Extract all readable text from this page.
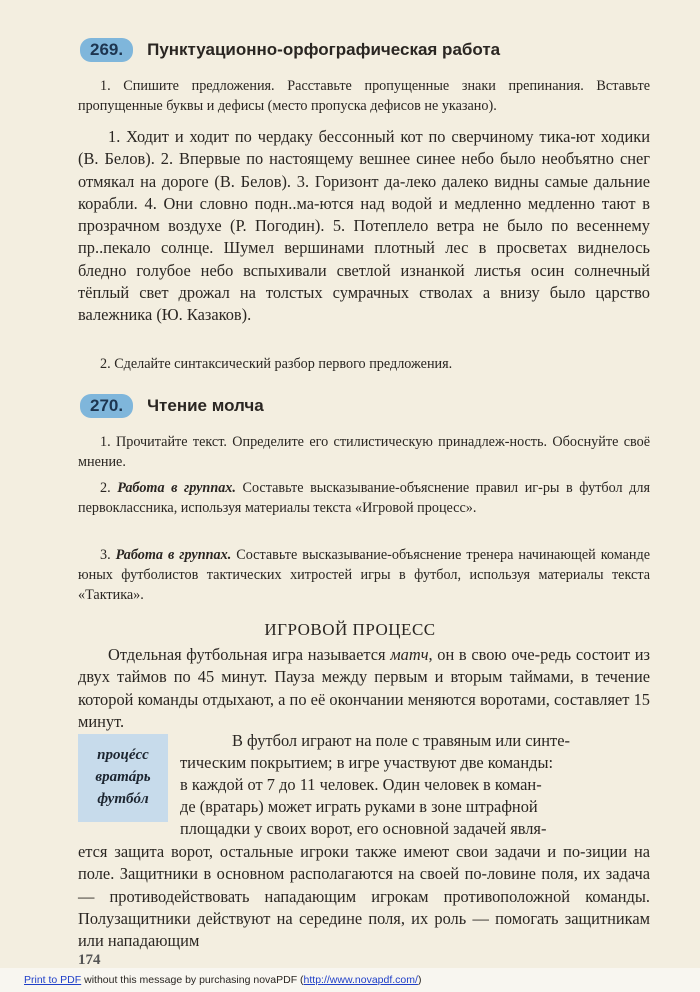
269.	Пунктуационно-орфографическая работа
1. Спишите предложения. Расставьте пропущенные знаки препинания. Вставьте пропущенные буквы и дефисы (место пропуска дефисов не указано).
1. Ходит и ходит по чердаку бессонный кот по сверчиному тика-ют ходики (В. Белов). 2. Впервые по настоящему вешнее синее небо было необъятно снег отмякал на дороге (В. Белов). 3. Горизонт да-леко далеко видны самые дальние корабли. 4. Они словно подн..ма-ются над водой и медленно медленно тают в прозрачном воздухе (Р. Погодин). 5. Потеплело ветра не было по весеннему пр..пекало солнце. Шумел вершинами плотный лес в просветах виднелось бледно голубое небо вспыхивали светлой изнанкой листья осин солнечный тёплый свет дрожал на толстых сумрачных стволах а внизу было царство валежника (Ю. Казаков).
2. Сделайте синтаксический разбор первого предложения.
270.	Чтение молча
1. Прочитайте текст. Определите его стилистическую принадлеж-ность. Обоснуйте своё мнение.
2. Работа в группах. Составьте высказывание-объяснение правил иг-ры в футбол для первоклассника, используя материалы текста «Игровой процесс».
3. Работа в группах. Составьте высказывание-объяснение тренера начинающей команде юных футболистов тактических хитростей игры в футбол, используя материалы текста «Тактика».
ИГРОВОЙ ПРОЦЕСС
Отдельная футбольная игра называется матч, он в свою оче-редь состоит из двух таймов по 45 минут. Пауза между первым и вторым таймами, в течение которой команды отдыхают, а по её окончании меняются воротами, составляет 15 минут.
процéсс
вратáрь
футбóл
В футбол играют на поле с травяным или синте-
тическим покрытием; в игре участвуют две команды:
в каждой от 7 до 11 человек. Один человек в коман-
де (вратарь) может играть руками в зоне штрафной
площадки у своих ворот, его основной задачей явля-
ется защита ворот, остальные игроки также имеют свои задачи и по-зиции на поле. Защитники в основном располагаются на своей по-ловине поля, их задача — противодействовать нападающим игрокам противоположной команды. Полузащитники действуют на середине поля, их роль — помогать защитникам или нападающим
174
Print to PDF without this message by purchasing novaPDF (http://www.novapdf.com/)
